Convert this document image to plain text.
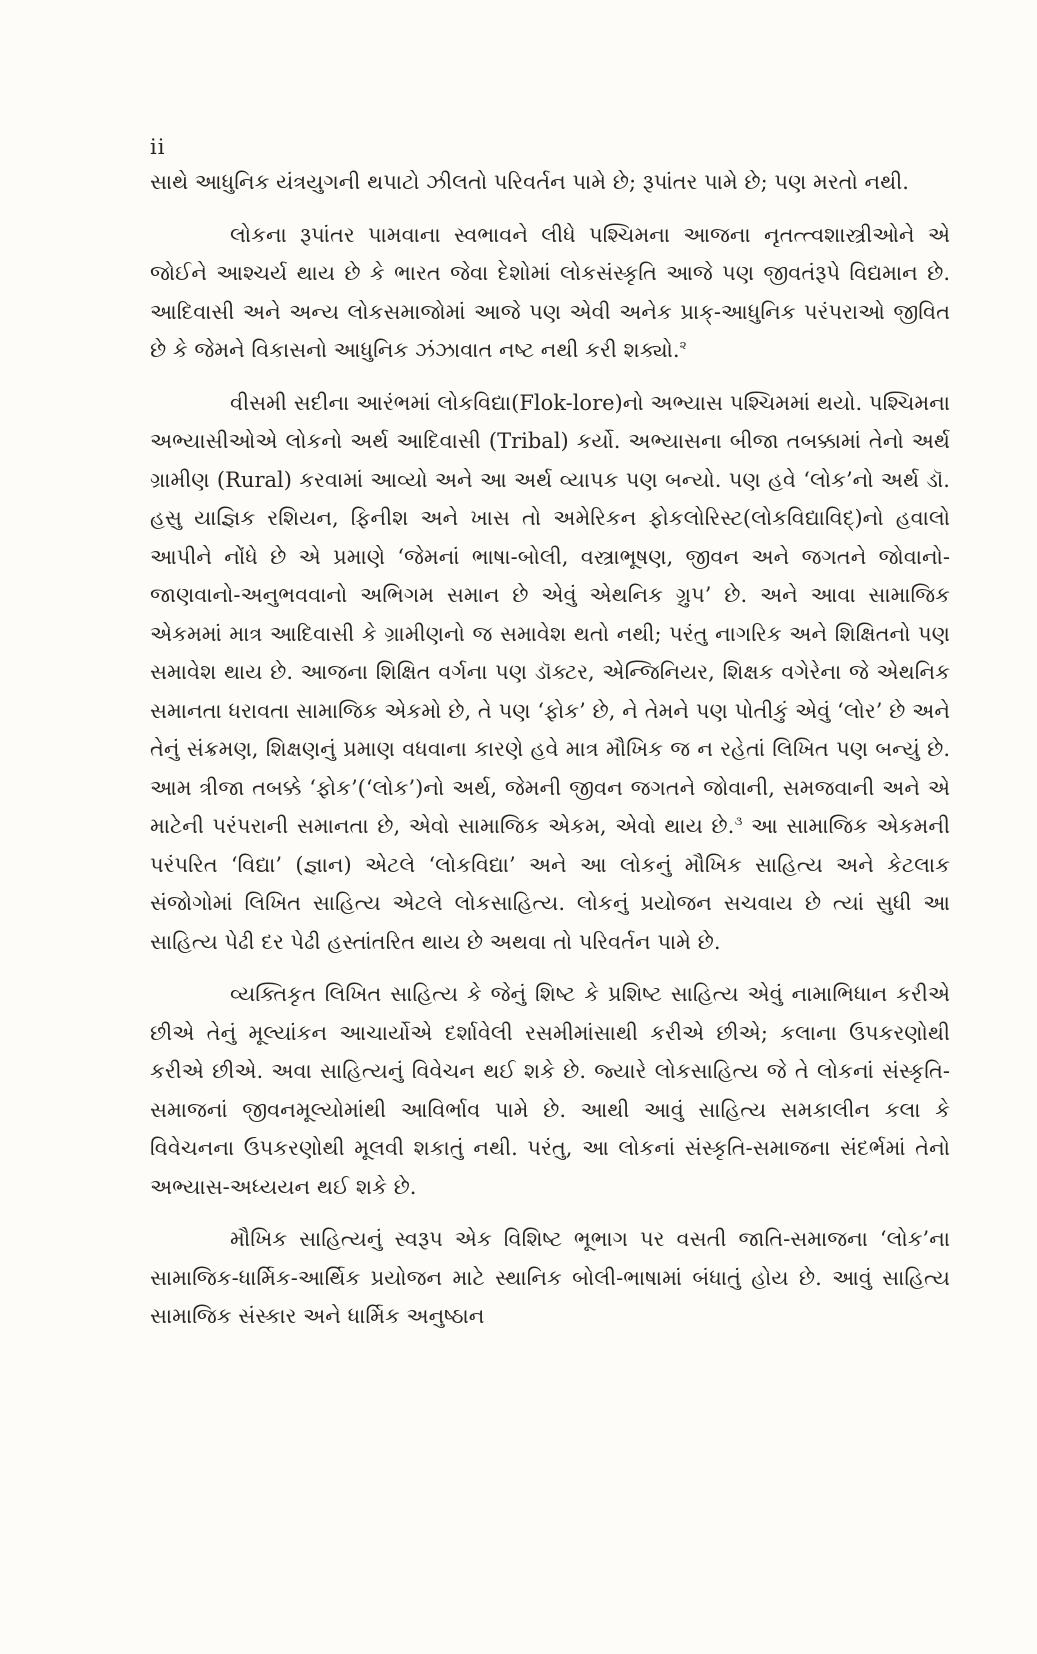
ii

સાથે આધુનિક યંત્રયુગની થપાટો ઝીલતો પરિવર્તન પામે છે; રૂપાંતર પામે છે; પણ મરતો નથી.

લોકના રૂપાંતર પામવાના સ્વભાવને લીધે પશ્ચિમના આજના નૃતત્ત્વશાસ્ત્રીઓને એ જોઈને આશ્ચર્ય થાય છે કે ભારત જેવા દેશોમાં લોકસંસ્કૃતિ આજે પણ જીવતંરૂપે વિદ્યમાન છે. આદિવાસી અને અન્ય લોકસમાજોમાં આજે પણ એવી અનેક પ્રાક્-આધુનિક પરંપરાઓ જીવિત છે કે જેમને વિકાસનો આધુનિક ઝંઝાવાત નષ્ટ નથી કરી શક્યો.$^૨$

વીસમી સદીના આરંભમાં લોકવિદ્યા(Flok-lore)નો અભ્યાસ પશ્ચિમમાં થયો. પશ્ચિમના અભ્યાસીઓએ લોકનો અર્થ આદિવાસી (Tribal) કર્યો. અભ્યાસના બીજા તબક્કામાં તેનો અર્થ ગ્રામીણ (Rural) કરવામાં આવ્યો અને આ અર્થ વ્યાપક પણ બન્યો. પણ હવે ‘લોક’નો અર્થ ડૉ. હસુ યાજ્ઞિક રશિયન, ફિનીશ અને ખાસ તો અમેરિકન ફોકલોરિસ્ટ(લોકવિદ્યાવિદ્)નો હવાલો આપીને નોંધે છે એ પ્રમાણે ‘જેમનાં ભાષા-બોલી, વસ્ત્રાભૂષણ, જીવન અને જગતને જોવાનો-જાણવાનો-અનુભવવાનો અભિગમ સમાન છે એવું એથનિક ગ્રુપ’ છે. અને આવા સામાજિક એકમમાં માત્ર આદિવાસી કે ગ્રામીણનો જ સમાવેશ થતો નથી; પરંતુ નાગરિક અને શિક્ષિતનો પણ સમાવેશ થાય છે. આજના શિક્ષિત વર્ગના પણ ડૉક્ટર, એન્જિનિયર, શિક્ષક વગેરેના જે એથનિક સમાનતા ધરાવતા સામાજિક એકમો છે, તે પણ ‘ફોક’ છે, ને તેમને પણ પોતીકું એવું ‘લોર’ છે અને તેનું સંક્રમણ, શિક્ષણનું પ્રમાણ વધવાના કારણે હવે માત્ર મૌખિક જ ન રહેતાં લિખિત પણ બન્યું છે. આમ ત્રીજા તબક્કે ‘ફોક’(‘લોક’)નો અર્થ, જેમની જીવન જગતને જોવાની, સમજવાની અને એ માટેની પરંપરાની સમાનતા છે, એવો સામાજિક એકમ, એવો થાય છે.$^૩$ આ સામાજિક એકમની પરંપરિત ‘વિદ્યા’ (જ્ઞાન) એટલે ‘લોકવિદ્યા’ અને આ લોકનું મૌખિક સાહિત્ય અને કેટલાક સંજોગોમાં લિખિત સાહિત્ય એટલે લોકસાહિત્ય. લોકનું પ્રયોજન સચવાય છે ત્યાં સુધી આ સાહિત્ય પેઢી દર પેઢી હસ્તાંતરિત થાય છે અથવા તો પરિવર્તન પામે છે.

વ્યક્તિકૃત લિખિત સાહિત્ય કે જેનું શિષ્ટ કે પ્રશિષ્ટ સાહિત્ય એવું નામાભિધાન કરીએ છીએ તેનું મૂલ્યાંકન આચાર્યોએ દર્શાવેલી રસમીમાંસાથી કરીએ છીએ; કલાના ઉપકરણોથી કરીએ છીએ. અવા સાહિત્યનું વિવેચન થઈ શકે છે. જ્યારે લોકસાહિત્ય જે તે લોકનાં સંસ્કૃતિ-સમાજનાં જીવનમૂલ્યોમાંથી આવિર્ભાવ પામે છે. આથી આવું સાહિત્ય સમકાલીન કલા કે વિવેચનના ઉપકરણોથી મૂલવી શકાતું નથી. પરંતુ, આ લોકનાં સંસ્કૃતિ-સમાજના સંદર્ભમાં તેનો અભ્યાસ-અધ્યયન થઈ શકે છે.

મૌખિક સાહિત્યનું સ્વરૂપ એક વિશિષ્ટ ભૂભાગ પર વસતી જાતિ-સમાજના ‘લોક’ના સામાજિક-ધાર્મિક-આર્થિક પ્રયોજન માટે સ્થાનિક બોલી-ભાષામાં બંધાતું હોય છે. આવું સાહિત્ય સામાજિક સંસ્કાર અને ધાર્મિક અનુષ્ઠાન
